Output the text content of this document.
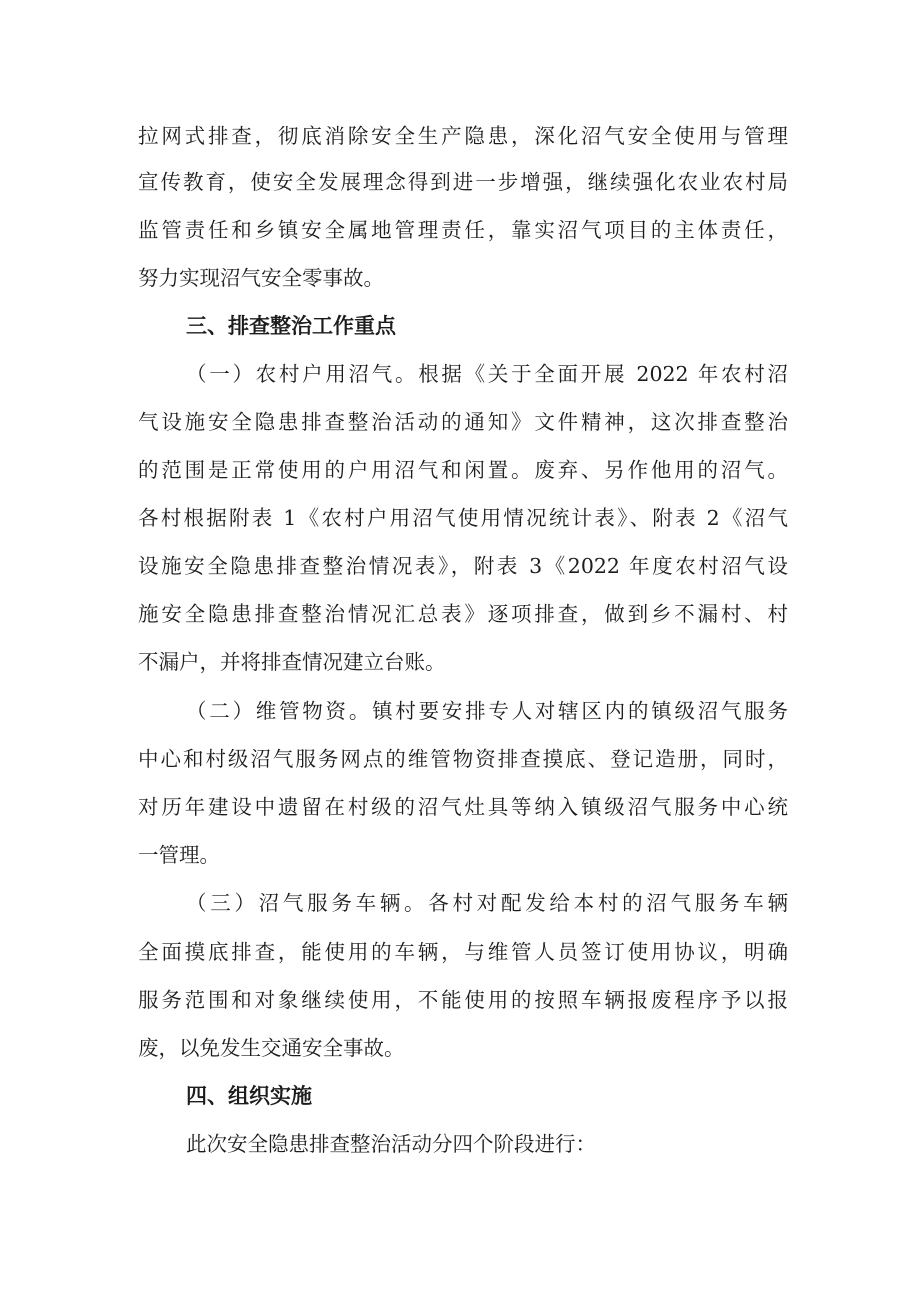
拉网式排查，彻底消除安全生产隐患，深化沼气安全使用与管理
宣传教育，使安全发展理念得到进一步增强，继续强化农业农村局
监管责任和乡镇安全属地管理责任，靠实沼气项目的主体责任，
努力实现沼气安全零事故。
三、排查整治工作重点
（一）农村户用沼气。根据《关于全面开展 2022 年农村沼
气设施安全隐患排查整治活动的通知》文件精神，这次排查整治
的范围是正常使用的户用沼气和闲置。废弃、另作他用的沼气。
各村根据附表 1《农村户用沼气使用情况统计表》、附表 2《沼气
设施安全隐患排查整治情况表》，附表 3《2022 年度农村沼气设
施安全隐患排查整治情况汇总表》逐项排查，做到乡不漏村、村
不漏户，并将排查情况建立台账。
（二）维管物资。镇村要安排专人对辖区内的镇级沼气服务
中心和村级沼气服务网点的维管物资排查摸底、登记造册，同时，
对历年建设中遗留在村级的沼气灶具等纳入镇级沼气服务中心统
一管理。
（三）沼气服务车辆。各村对配发给本村的沼气服务车辆
全面摸底排查，能使用的车辆，与维管人员签订使用协议，明确
服务范围和对象继续使用，不能使用的按照车辆报废程序予以报
废，以免发生交通安全事故。
四、组织实施
此次安全隐患排查整治活动分四个阶段进行：
